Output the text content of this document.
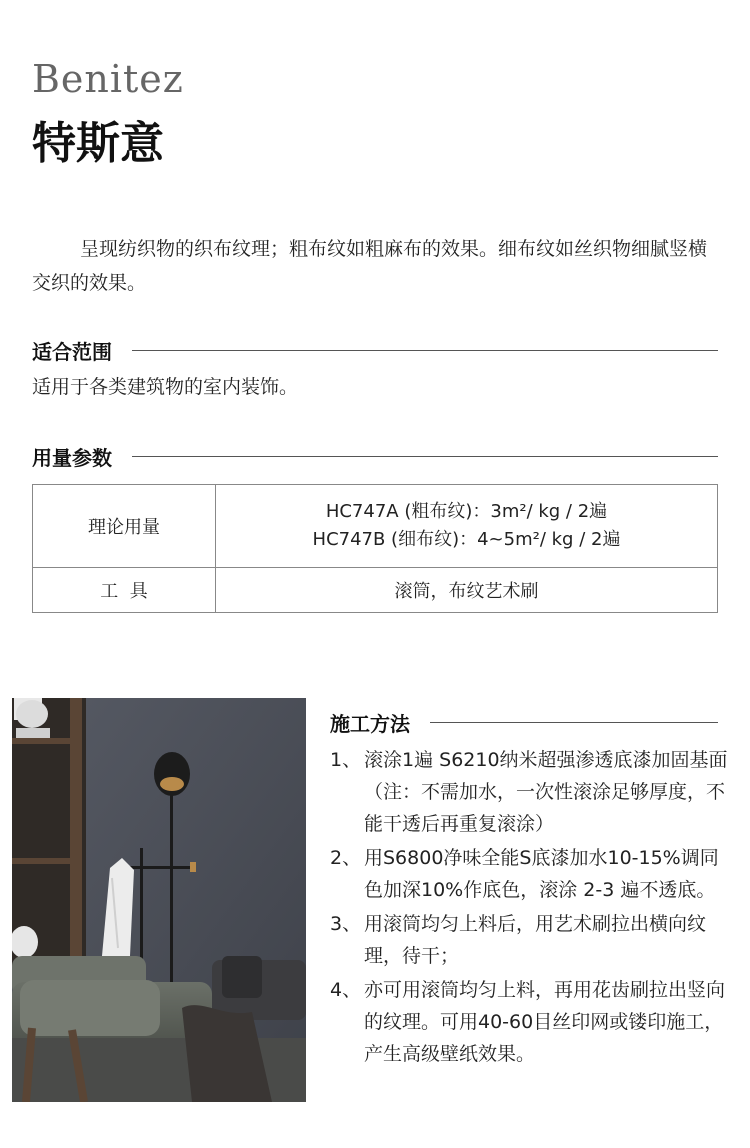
Benitez
特斯意
呈现纺织物的织布纹理；粗布纹如粗麻布的效果。细布纹如丝织物细腻竖横交织的效果。
适合范围
适用于各类建筑物的室内装饰。
用量参数
理论用量	HC747A (粗布纹)：3m²/ kg / 2遍
HC747B (细布纹)：4~5m²/ kg / 2遍

工  具	滚筒，布纹艺术刷
施工方法
1、 滚涂1遍 S6210纳米超强渗透底漆加固基面（注：不需加水，一次性滚涂足够厚度，不能干透后再重复滚涂）
2、 用S6800净味全能S底漆加水10-15%调同色加深10%作底色，滚涂 2-3 遍不透底。
3、 用滚筒均匀上料后，用艺术刷拉出横向纹理，待干；
4、 亦可用滚筒均匀上料，再用花齿刷拉出竖向的纹理。可用40-60目丝印网或镂印施工，产生高级壁纸效果。
